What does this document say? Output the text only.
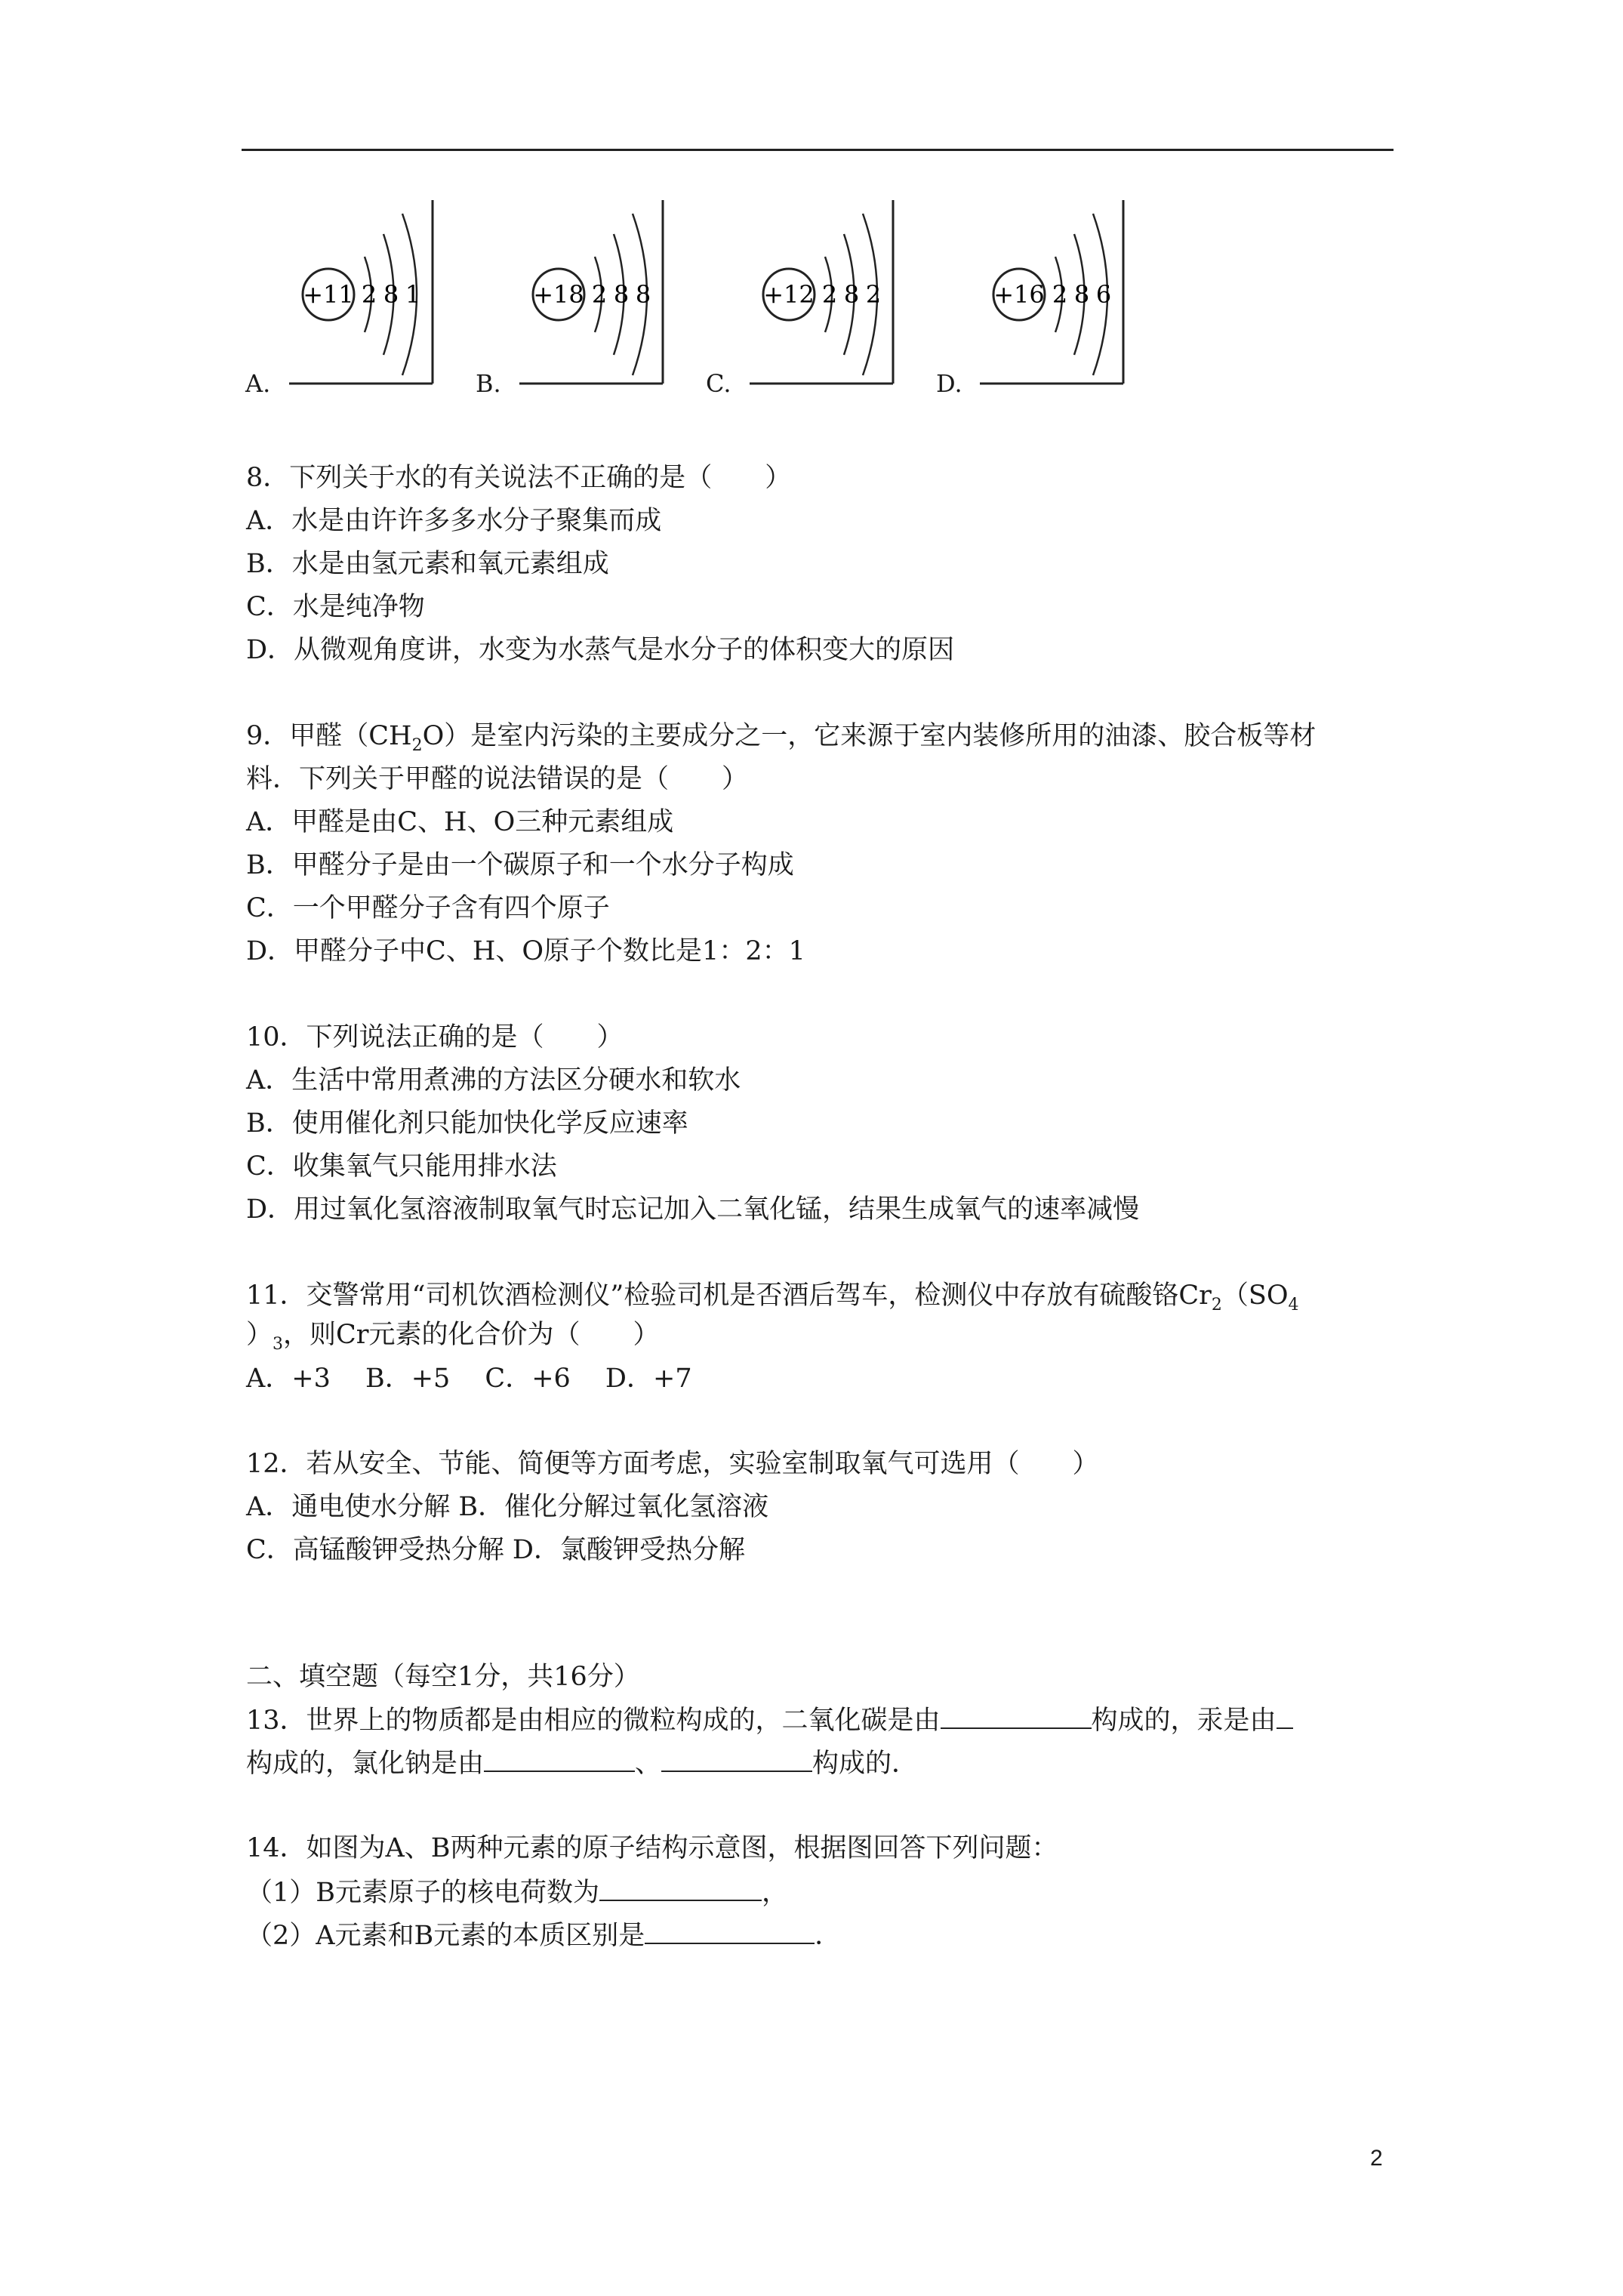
A.
+11 2 8 1
B.
+18 2 8 8
C.
+12 2 8 2
D.
+16 2 8 6
8．下列关于水的有关说法不正确的是（　　）
A．水是由许许多多水分子聚集而成
B．水是由氢元素和氧元素组成
C．水是纯净物
D．从微观角度讲，水变为水蒸气是水分子的体积变大的原因
9．甲醛$(CH_2O)$是室内污染的主要成分之一，它来源于室内装修所用的油漆、胶合板等材
料．下列关于甲醛的说法错误的是（　　）
A．甲醛是由C、H、O三种元素组成
B．甲醛分子是由一个碳原子和一个水分子构成
C．一个甲醛分子含有四个原子
D．甲醛分子中C、H、O原子个数比是1：2：1
10．下列说法正确的是（　　）
A．生活中常用煮沸的方法区分硬水和软水
B．使用催化剂只能加快化学反应速率
C．收集氧气只能用排水法
D．用过氧化氢溶液制取氧气时忘记加入二氧化锰，结果生成氧气的速率减慢
11．交警常用“司机饮酒检测仪”检验司机是否酒后驾车，检测仪中存放有硫酸铬$Cr_2(SO_4$
）$_3$，则Cr元素的化合价为（　　）
A．+3　 B．+5　 C．+6　 D．+7
12．若从安全、节能、简便等方面考虑，实验室制取氧气可选用（　　）
A．通电使水分解 B．催化分解过氧化氢溶液
C．高锰酸钾受热分解 D．氯酸钾受热分解
二、填空题（每空1分，共16分）
13．世界上的物质都是由相应的微粒构成的，二氧化碳是由	构成的，汞是由
构成的，氯化钠是由	、	构成的．
14．如图为A、B两种元素的原子结构示意图，根据图回答下列问题：
（1）B元素原子的核电荷数为	，
（2）A元素和B元素的本质区别是	．
2
